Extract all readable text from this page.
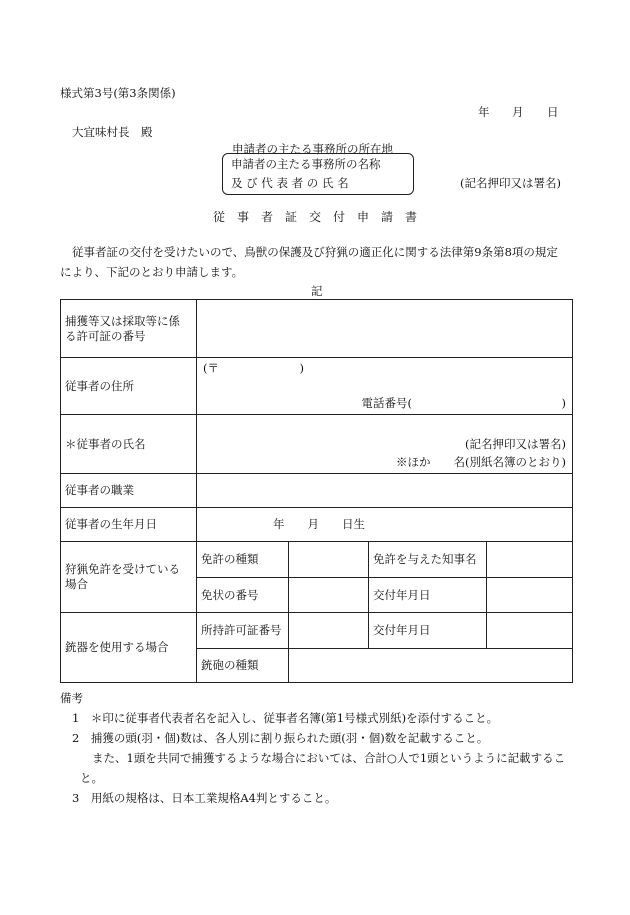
様式第3号(第3条関係)
年 月 日
大宜味村長　殿
申請者の主たる事務所の所在地
申請者の主たる事務所の名称
及 び 代 表 者 の 氏 名	(記名押印又は署名)
従　事　者　証　交　付　申　請　書
従事者証の交付を受けたいので、鳥獣の保護及び狩猟の適正化に関する法律第9条第8項の規定
により、下記のとおり申請します。
記
捕獲等又は採取等に係
る許可証の番号				

従事者の住所	(〒　　　　　　　)
電話番号(　　　　　　　　　　　　　)			

＊従事者の氏名	(記名押印又は署名)
※ほか　　名(別紙名簿のとおり)			

従事者の職業				
従事者の生年月日	年　　月　　日生			

狩猟免許を受けている
場合	免許の種類		免許を与えた知事名	
	免状の番号		交付年月日	
銃器を使用する場合	所持許可証番号		交付年月日	
	銃砲の種類			
備考
1　＊印に従事者代表者名を記入し、従事者名簿(第1号様式別紙)を添付すること。
2　捕獲の頭(羽・個)数は、各人別に割り振られた頭(羽・個)数を記載すること。
また、1頭を共同で捕獲するような場合においては、合計○人で1頭というように記載するこ
と。
3　用紙の規格は、日本工業規格A4判とすること。
